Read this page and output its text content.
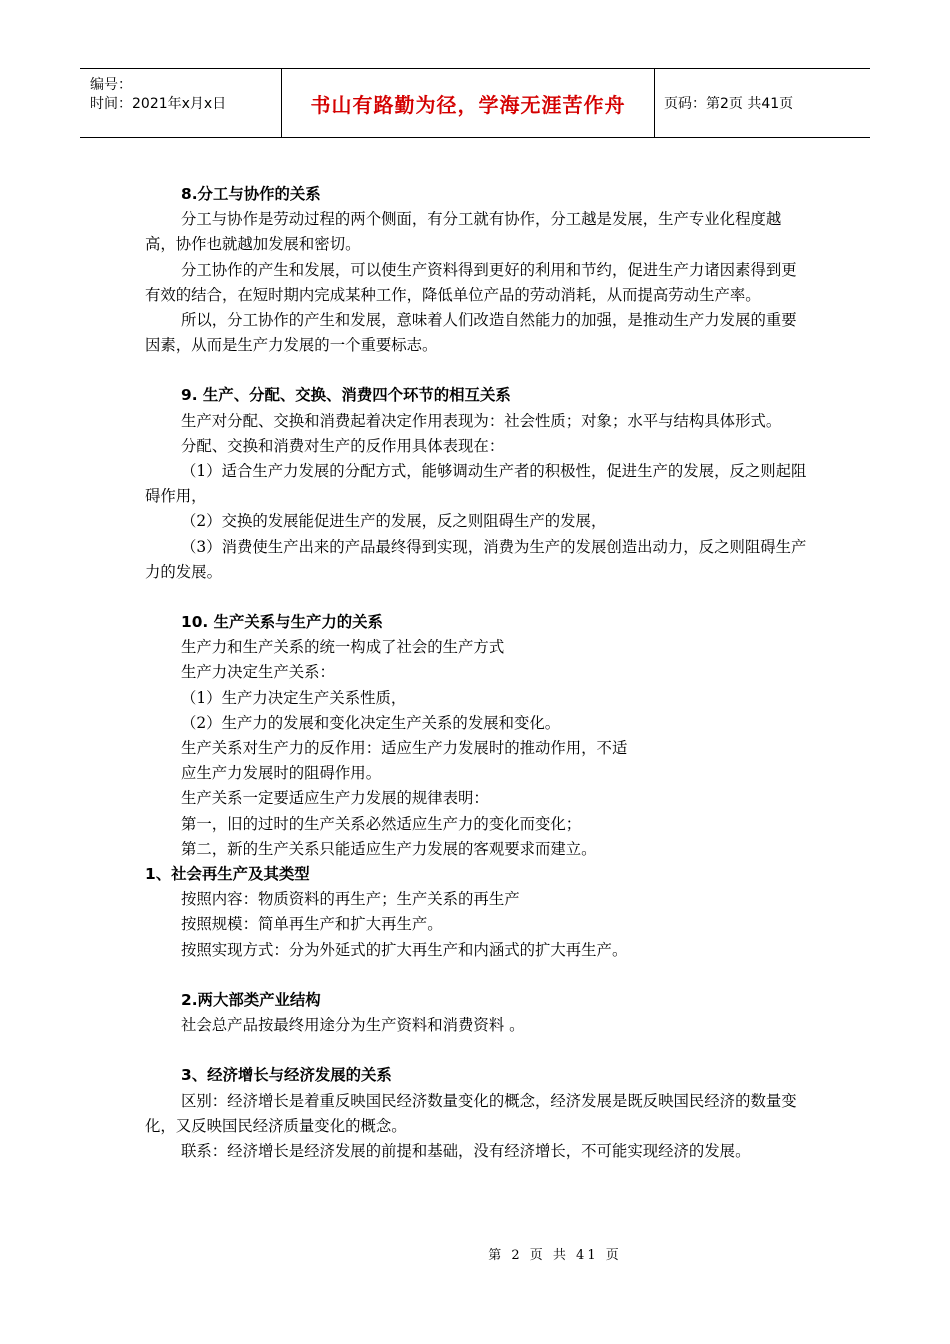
编号：
时间：2021年x月x日	书山有路勤为径，学海无涯苦作舟	页码：第2页 共41页

8.分工与协作的关系

分工与协作是劳动过程的两个侧面，有分工就有协作，分工越是发展，生产专业化程度越高，协作也就越加发展和密切。

分工协作的产生和发展，可以使生产资料得到更好的利用和节约，促进生产力诸因素得到更有效的结合，在短时期内完成某种工作，降低单位产品的劳动消耗，从而提高劳动生产率。

所以，分工协作的产生和发展，意味着人们改造自然能力的加强，是推动生产力发展的重要因素，从而是生产力发展的一个重要标志。

9. 生产、分配、交换、消费四个环节的相互关系

生产对分配、交换和消费起着决定作用表现为：社会性质；对象；水平与结构具体形式。

分配、交换和消费对生产的反作用具体表现在：

（1）适合生产力发展的分配方式，能够调动生产者的积极性，促进生产的发展，反之则起阻碍作用，

（2）交换的发展能促进生产的发展，反之则阻碍生产的发展，

（3）消费使生产出来的产品最终得到实现，消费为生产的发展创造出动力，反之则阻碍生产力的发展。

10. 生产关系与生产力的关系

生产力和生产关系的统一构成了社会的生产方式

生产力决定生产关系：

（1）生产力决定生产关系性质，

（2）生产力的发展和变化决定生产关系的发展和变化。

生产关系对生产力的反作用：适应生产力发展时的推动作用，不适

应生产力发展时的阻碍作用。

生产关系一定要适应生产力发展的规律表明：

第一，旧的过时的生产关系必然适应生产力的变化而变化；

第二，新的生产关系只能适应生产力发展的客观要求而建立。

1、社会再生产及其类型

按照内容：物质资料的再生产；生产关系的再生产

按照规模：简单再生产和扩大再生产。

按照实现方式：分为外延式的扩大再生产和内涵式的扩大再生产。

2.两大部类产业结构

社会总产品按最终用途分为生产资料和消费资料 。

3、经济增长与经济发展的关系

区别：经济增长是着重反映国民经济数量变化的概念，经济发展是既反映国民经济的数量变化，又反映国民经济质量变化的概念。

联系：经济增长是经济发展的前提和基础，没有经济增长，不可能实现经济的发展。

第 2 页 共 41 页
